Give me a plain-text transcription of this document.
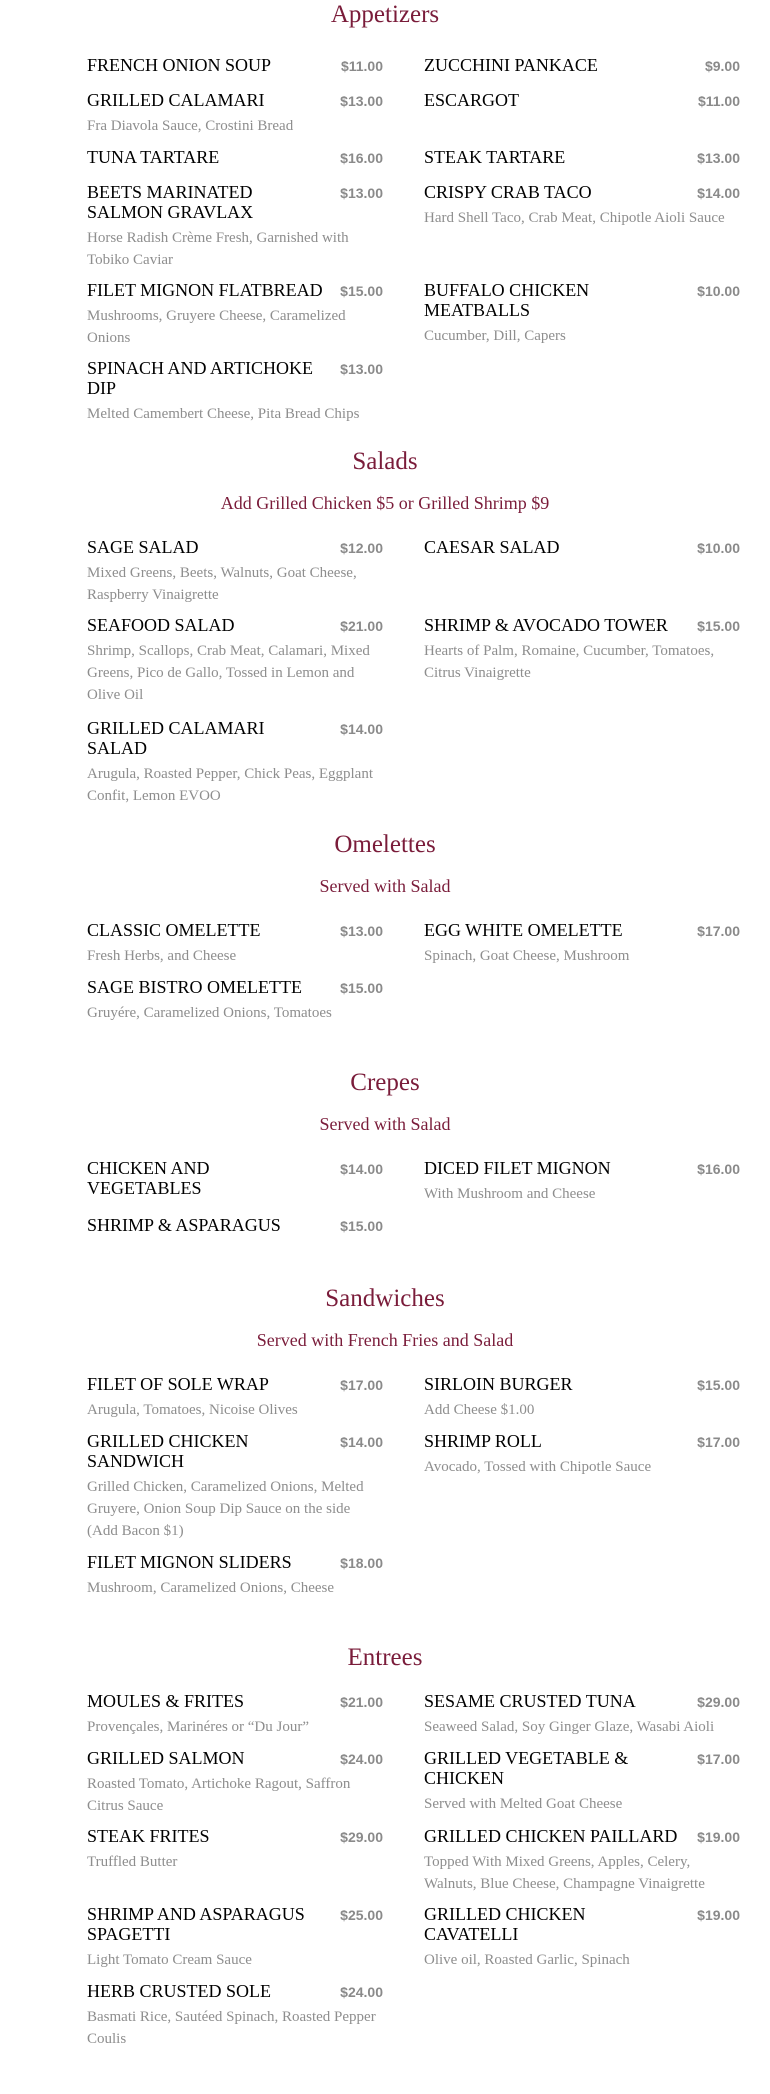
Appetizers
FRENCH ONION SOUP	$11.00
GRILLED CALAMARI	$13.00
Fra Diavola Sauce, Crostini Bread
TUNA TARTARE	$16.00
BEETS MARINATED SALMON GRAVLAX
$13.00
Horse Radish Crème Fresh, Garnished with Tobiko Caviar
FILET MIGNON FLATBREAD	$15.00
Mushrooms, Gruyere Cheese, Caramelized Onions
SPINACH AND ARTICHOKE DIP
$13.00
Melted Camembert Cheese, Pita Bread Chips
ZUCCHINI PANKACE	$9.00
ESCARGOT	$11.00
STEAK TARTARE	$13.00
CRISPY CRAB TACO	$14.00
Hard Shell Taco, Crab Meat, Chipotle Aioli Sauce
BUFFALO CHICKEN MEATBALLS
$10.00
Cucumber, Dill, Capers
Salads
Add Grilled Chicken $5 or Grilled Shrimp $9
SAGE SALAD	$12.00
Mixed Greens, Beets, Walnuts, Goat Cheese, Raspberry Vinaigrette
SEAFOOD SALAD	$21.00
Shrimp, Scallops, Crab Meat, Calamari, Mixed Greens, Pico de Gallo, Tossed in Lemon and Olive Oil
GRILLED CALAMARI SALAD
$14.00
Arugula, Roasted Pepper, Chick Peas, Eggplant Confit, Lemon EVOO
CAESAR SALAD	$10.00
SHRIMP & AVOCADO TOWER	$15.00
Hearts of Palm, Romaine, Cucumber, Tomatoes, Citrus Vinaigrette
Omelettes
Served with Salad
CLASSIC OMELETTE	$13.00
Fresh Herbs, and Cheese
SAGE BISTRO OMELETTE	$15.00
Gruyére, Caramelized Onions, Tomatoes
EGG WHITE OMELETTE	$17.00
Spinach, Goat Cheese, Mushroom
Crepes
Served with Salad
CHICKEN AND VEGETABLES
$14.00
SHRIMP & ASPARAGUS	$15.00
DICED FILET MIGNON	$16.00
With Mushroom and Cheese
Sandwiches
Served with French Fries and Salad
FILET OF SOLE WRAP	$17.00
Arugula, Tomatoes, Nicoise Olives
GRILLED CHICKEN SANDWICH
$14.00
Grilled Chicken, Caramelized Onions, Melted Gruyere, Onion Soup Dip Sauce on the side (Add Bacon $1)
FILET MIGNON SLIDERS	$18.00
Mushroom, Caramelized Onions, Cheese
SIRLOIN BURGER	$15.00
Add Cheese $1.00
SHRIMP ROLL	$17.00
Avocado, Tossed with Chipotle Sauce
Entrees
MOULES & FRITES	$21.00
Provençales, Marinéres or “Du Jour”
GRILLED SALMON	$24.00
Roasted Tomato, Artichoke Ragout, Saffron Citrus Sauce
STEAK FRITES	$29.00
Truffled Butter
SHRIMP AND ASPARAGUS SPAGETTI
$25.00
Light Tomato Cream Sauce
HERB CRUSTED SOLE	$24.00
Basmati Rice, Sautéed Spinach, Roasted Pepper Coulis
SESAME CRUSTED TUNA	$29.00
Seaweed Salad, Soy Ginger Glaze, Wasabi Aioli
GRILLED VEGETABLE & CHICKEN
$17.00
Served with Melted Goat Cheese
GRILLED CHICKEN PAILLARD	$19.00
Topped With Mixed Greens, Apples, Celery, Walnuts, Blue Cheese, Champagne Vinaigrette
GRILLED CHICKEN CAVATELLI
$19.00
Olive oil, Roasted Garlic, Spinach
